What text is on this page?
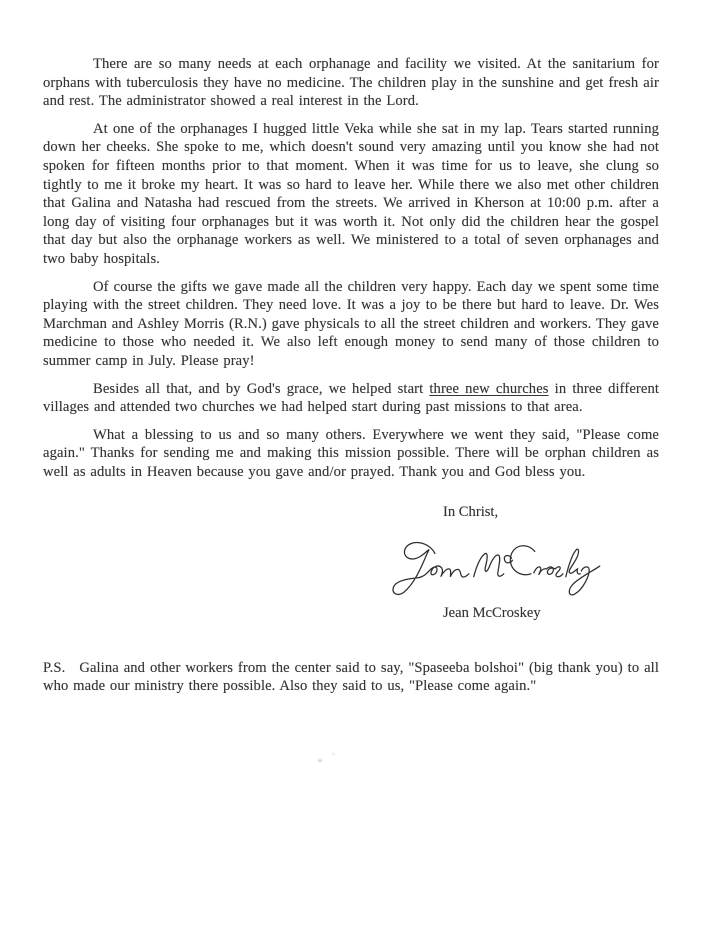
There are so many needs at each orphanage and facility we visited. At the sanitarium for orphans with tuberculosis they have no medicine. The children play in the sunshine and get fresh air and rest. The administrator showed a real interest in the Lord.

At one of the orphanages I hugged little Veka while she sat in my lap. Tears started running down her cheeks. She spoke to me, which doesn't sound very amazing until you know she had not spoken for fifteen months prior to that moment. When it was time for us to leave, she clung so tightly to me it broke my heart. It was so hard to leave her. While there we also met other children that Galina and Natasha had rescued from the streets. We arrived in Kherson at 10:00 p.m. after a long day of visiting four orphanages but it was worth it. Not only did the children hear the gospel that day but also the orphanage workers as well. We ministered to a total of seven orphanages and two baby hospitals.

Of course the gifts we gave made all the children very happy. Each day we spent some time playing with the street children. They need love. It was a joy to be there but hard to leave. Dr. Wes Marchman and Ashley Morris (R.N.) gave physicals to all the street children and workers. They gave medicine to those who needed it. We also left enough money to send many of those children to summer camp in July. Please pray!

Besides all that, and by God's grace, we helped start three new churches in three different villages and attended two churches we had helped start during past missions to that area.

What a blessing to us and so many others. Everywhere we went they said, "Please come again." Thanks for sending me and making this mission possible. There will be orphan children as well as adults in Heaven because you gave and/or prayed. Thank you and God bless you.

In Christ,

Jean McCroskey

P.S. Galina and other workers from the center said to say, "Spaseeba bolshoi" (big thank you) to all who made our ministry there possible. Also they said to us, "Please come again."
